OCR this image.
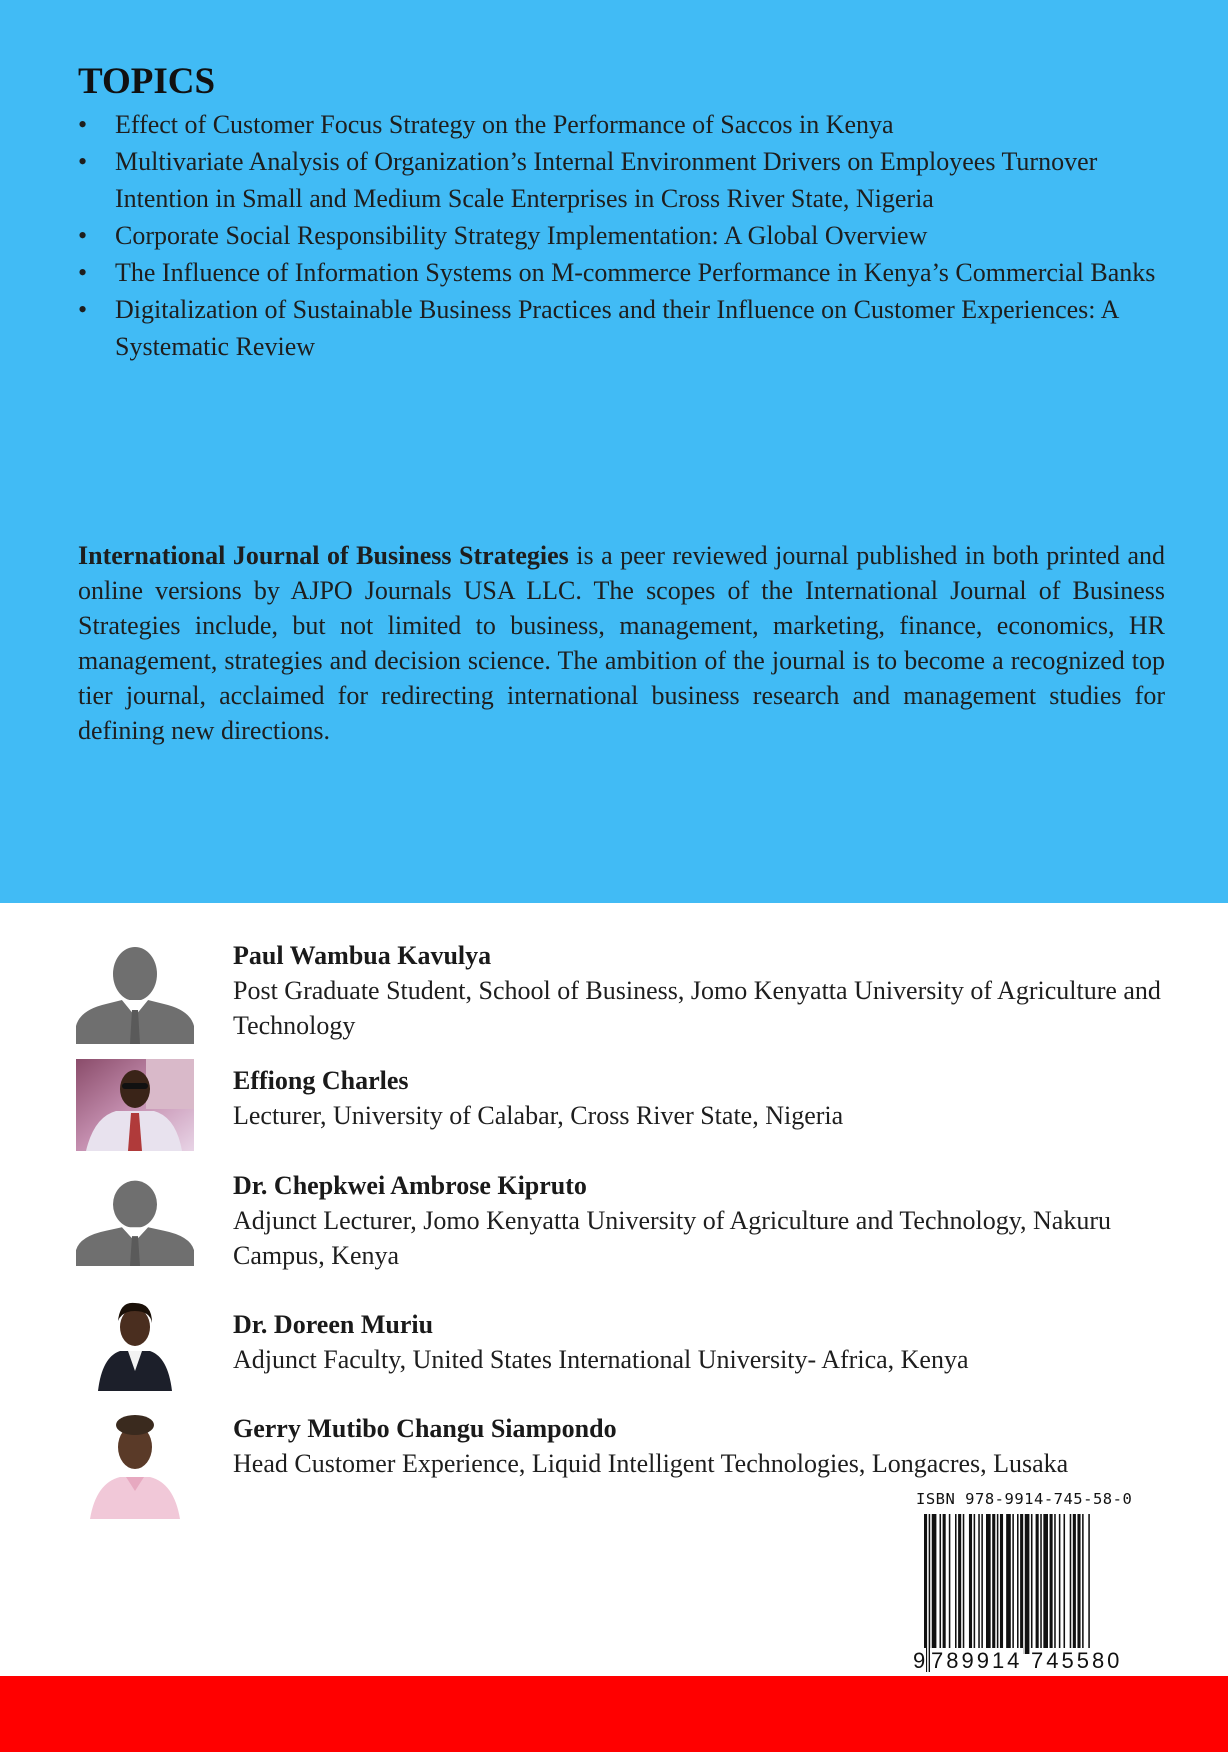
TOPICS
• Effect of Customer Focus Strategy on the Performance of Saccos in Kenya
• Multivariate Analysis of Organization’s Internal Environment Drivers on Employees Turnover Intention in Small and Medium Scale Enterprises in Cross River State, Nigeria
• Corporate Social Responsibility Strategy Implementation: A Global Overview
• The Influence of Information Systems on M-commerce Performance in Kenya’s Commercial Banks
• Digitalization of Sustainable Business Practices and their Influence on Customer Experiences: A Systematic Review

International Journal of Business Strategies is a peer reviewed journal published in both printed and online versions by AJPO Journals USA LLC. The scopes of the International Journal of Business Strategies include, but not limited to business, management, marketing, finance, economics, HR management, strategies and decision science. The ambition of the journal is to become a recognized top tier journal, acclaimed for redirecting international business research and management studies for defining new directions.

Paul Wambua Kavulya
Post Graduate Student, School of Business, Jomo Kenyatta University of Agriculture and Technology
Effiong Charles
Lecturer, University of Calabar, Cross River State, Nigeria
Dr. Chepkwei Ambrose Kipruto
Adjunct Lecturer, Jomo Kenyatta University of Agriculture and Technology, Nakuru Campus, Kenya
Dr. Doreen Muriu
Adjunct Faculty, United States International University- Africa, Kenya
Gerry Mutibo Changu Siampondo
Head Customer Experience, Liquid Intelligent Technologies, Longacres, Lusaka
ISBN 978-9914-745-58-0
9 789914 745580
